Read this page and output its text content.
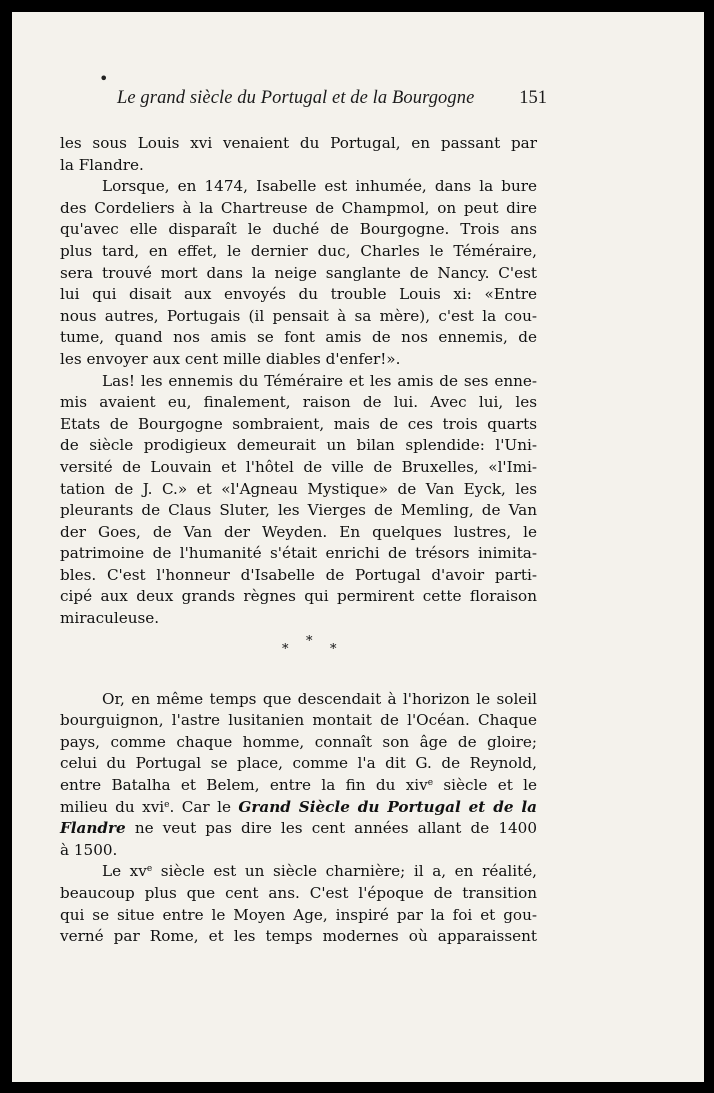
•
Le grand siècle du Portugal et de la Bourgogne 151

les sous Louis xvi venaient du Portugal, en passant par

la Flandre.

Lorsque, en 1474, Isabelle est inhumée, dans la bure

des Cordeliers à la Chartreuse de Champmol, on peut dire

qu'avec elle disparaît le duché de Bourgogne. Trois ans

plus tard, en effet, le dernier duc, Charles le Téméraire,

sera trouvé mort dans la neige sanglante de Nancy. C'est

lui qui disait aux envoyés du trouble Louis xi: «Entre

nous autres, Portugais (il pensait à sa mère), c'est la cou-

tume, quand nos amis se font amis de nos ennemis, de

les envoyer aux cent mille diables d'enfer!».

Las! les ennemis du Téméraire et les amis de ses enne-

mis avaient eu, finalement, raison de lui. Avec lui, les

Etats de Bourgogne sombraient, mais de ces trois quarts

de siècle prodigieux demeurait un bilan splendide: l'Uni-

versité de Louvain et l'hôtel de ville de Bruxelles, «l'Imi-

tation de J. C.» et «l'Agneau Mystique» de Van Eyck, les

pleurants de Claus Sluter, les Vierges de Memling, de Van

der Goes, de Van der Weyden. En quelques lustres, le

patrimoine de l'humanité s'était enrichi de trésors inimita-

bles. C'est l'honneur d'Isabelle de Portugal d'avoir parti-

cipé aux deux grands règnes qui permirent cette floraison

miraculeuse.

*
*	*

Or, en même temps que descendait à l'horizon le soleil

bourguignon, l'astre lusitanien montait de l'Océan. Chaque

pays, comme chaque homme, connaît son âge de gloire;

celui du Portugal se place, comme l'a dit G. de Reynold,

entre Batalha et Belem, entre la fin du xiv$^e$ siècle et le

milieu du xvi$^e$. Car le Grand Siècle du Portugal et de la

Flandre ne veut pas dire les cent années allant de 1400

à 1500.

Le $xv^e$ siècle est un siècle charnière; il a, en réalité,

beaucoup plus que cent ans. C'est l'époque de transition

qui se situe entre le Moyen Age, inspiré par la foi et gou-

verné par Rome, et les temps modernes où apparaissent
